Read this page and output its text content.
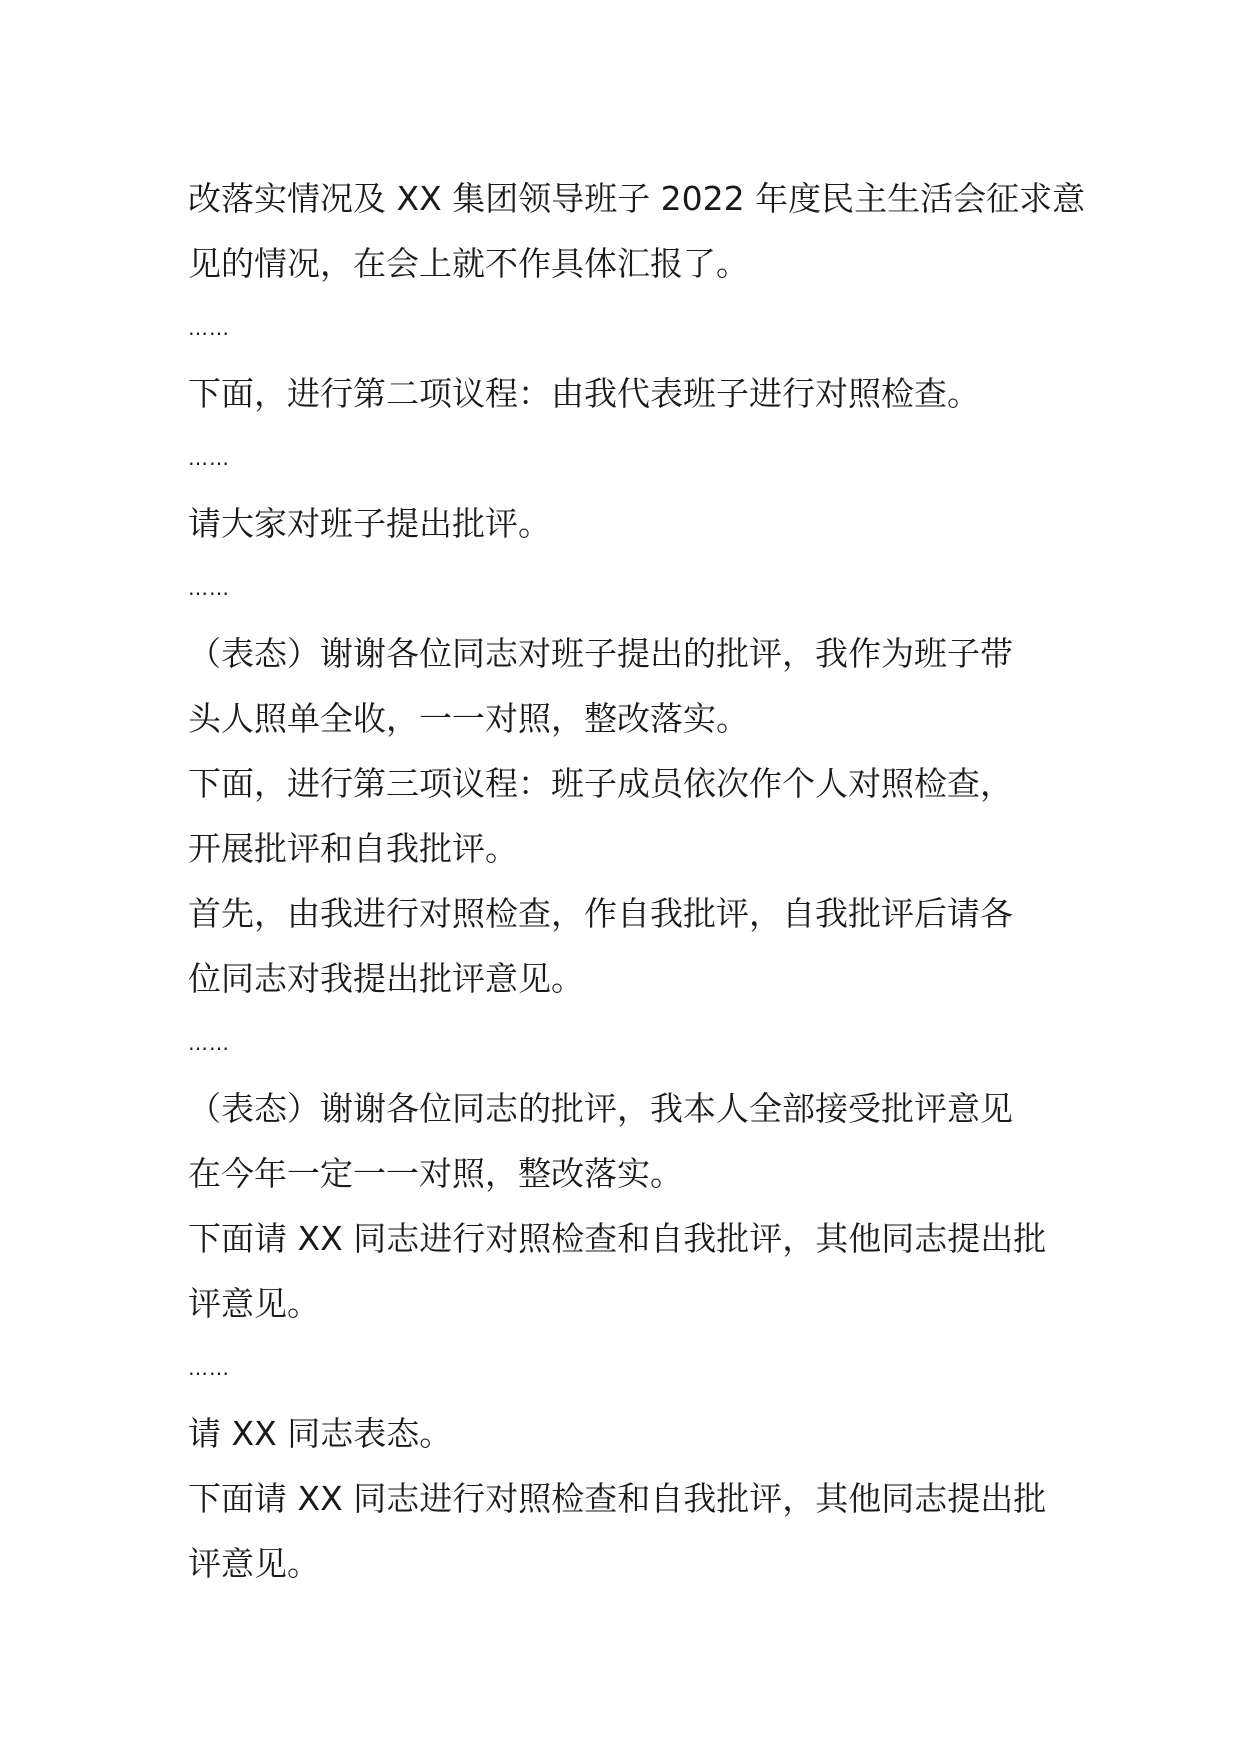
改落实情况及 XX 集团领导班子 2022 年度民主生活会征求意
见的情况，在会上就不作具体汇报了。
……
下面，进行第二项议程：由我代表班子进行对照检查。
……
请大家对班子提出批评。
……
（表态）谢谢各位同志对班子提出的批评，我作为班子带
头人照单全收，一一对照，整改落实。
下面，进行第三项议程：班子成员依次作个人对照检查，
开展批评和自我批评。
首先，由我进行对照检查，作自我批评，自我批评后请各
位同志对我提出批评意见。
……
（表态）谢谢各位同志的批评，我本人全部接受批评意见
在今年一定一一对照，整改落实。
下面请 XX 同志进行对照检查和自我批评，其他同志提出批
评意见。
……
请 XX 同志表态。
下面请 XX 同志进行对照检查和自我批评，其他同志提出批
评意见。
